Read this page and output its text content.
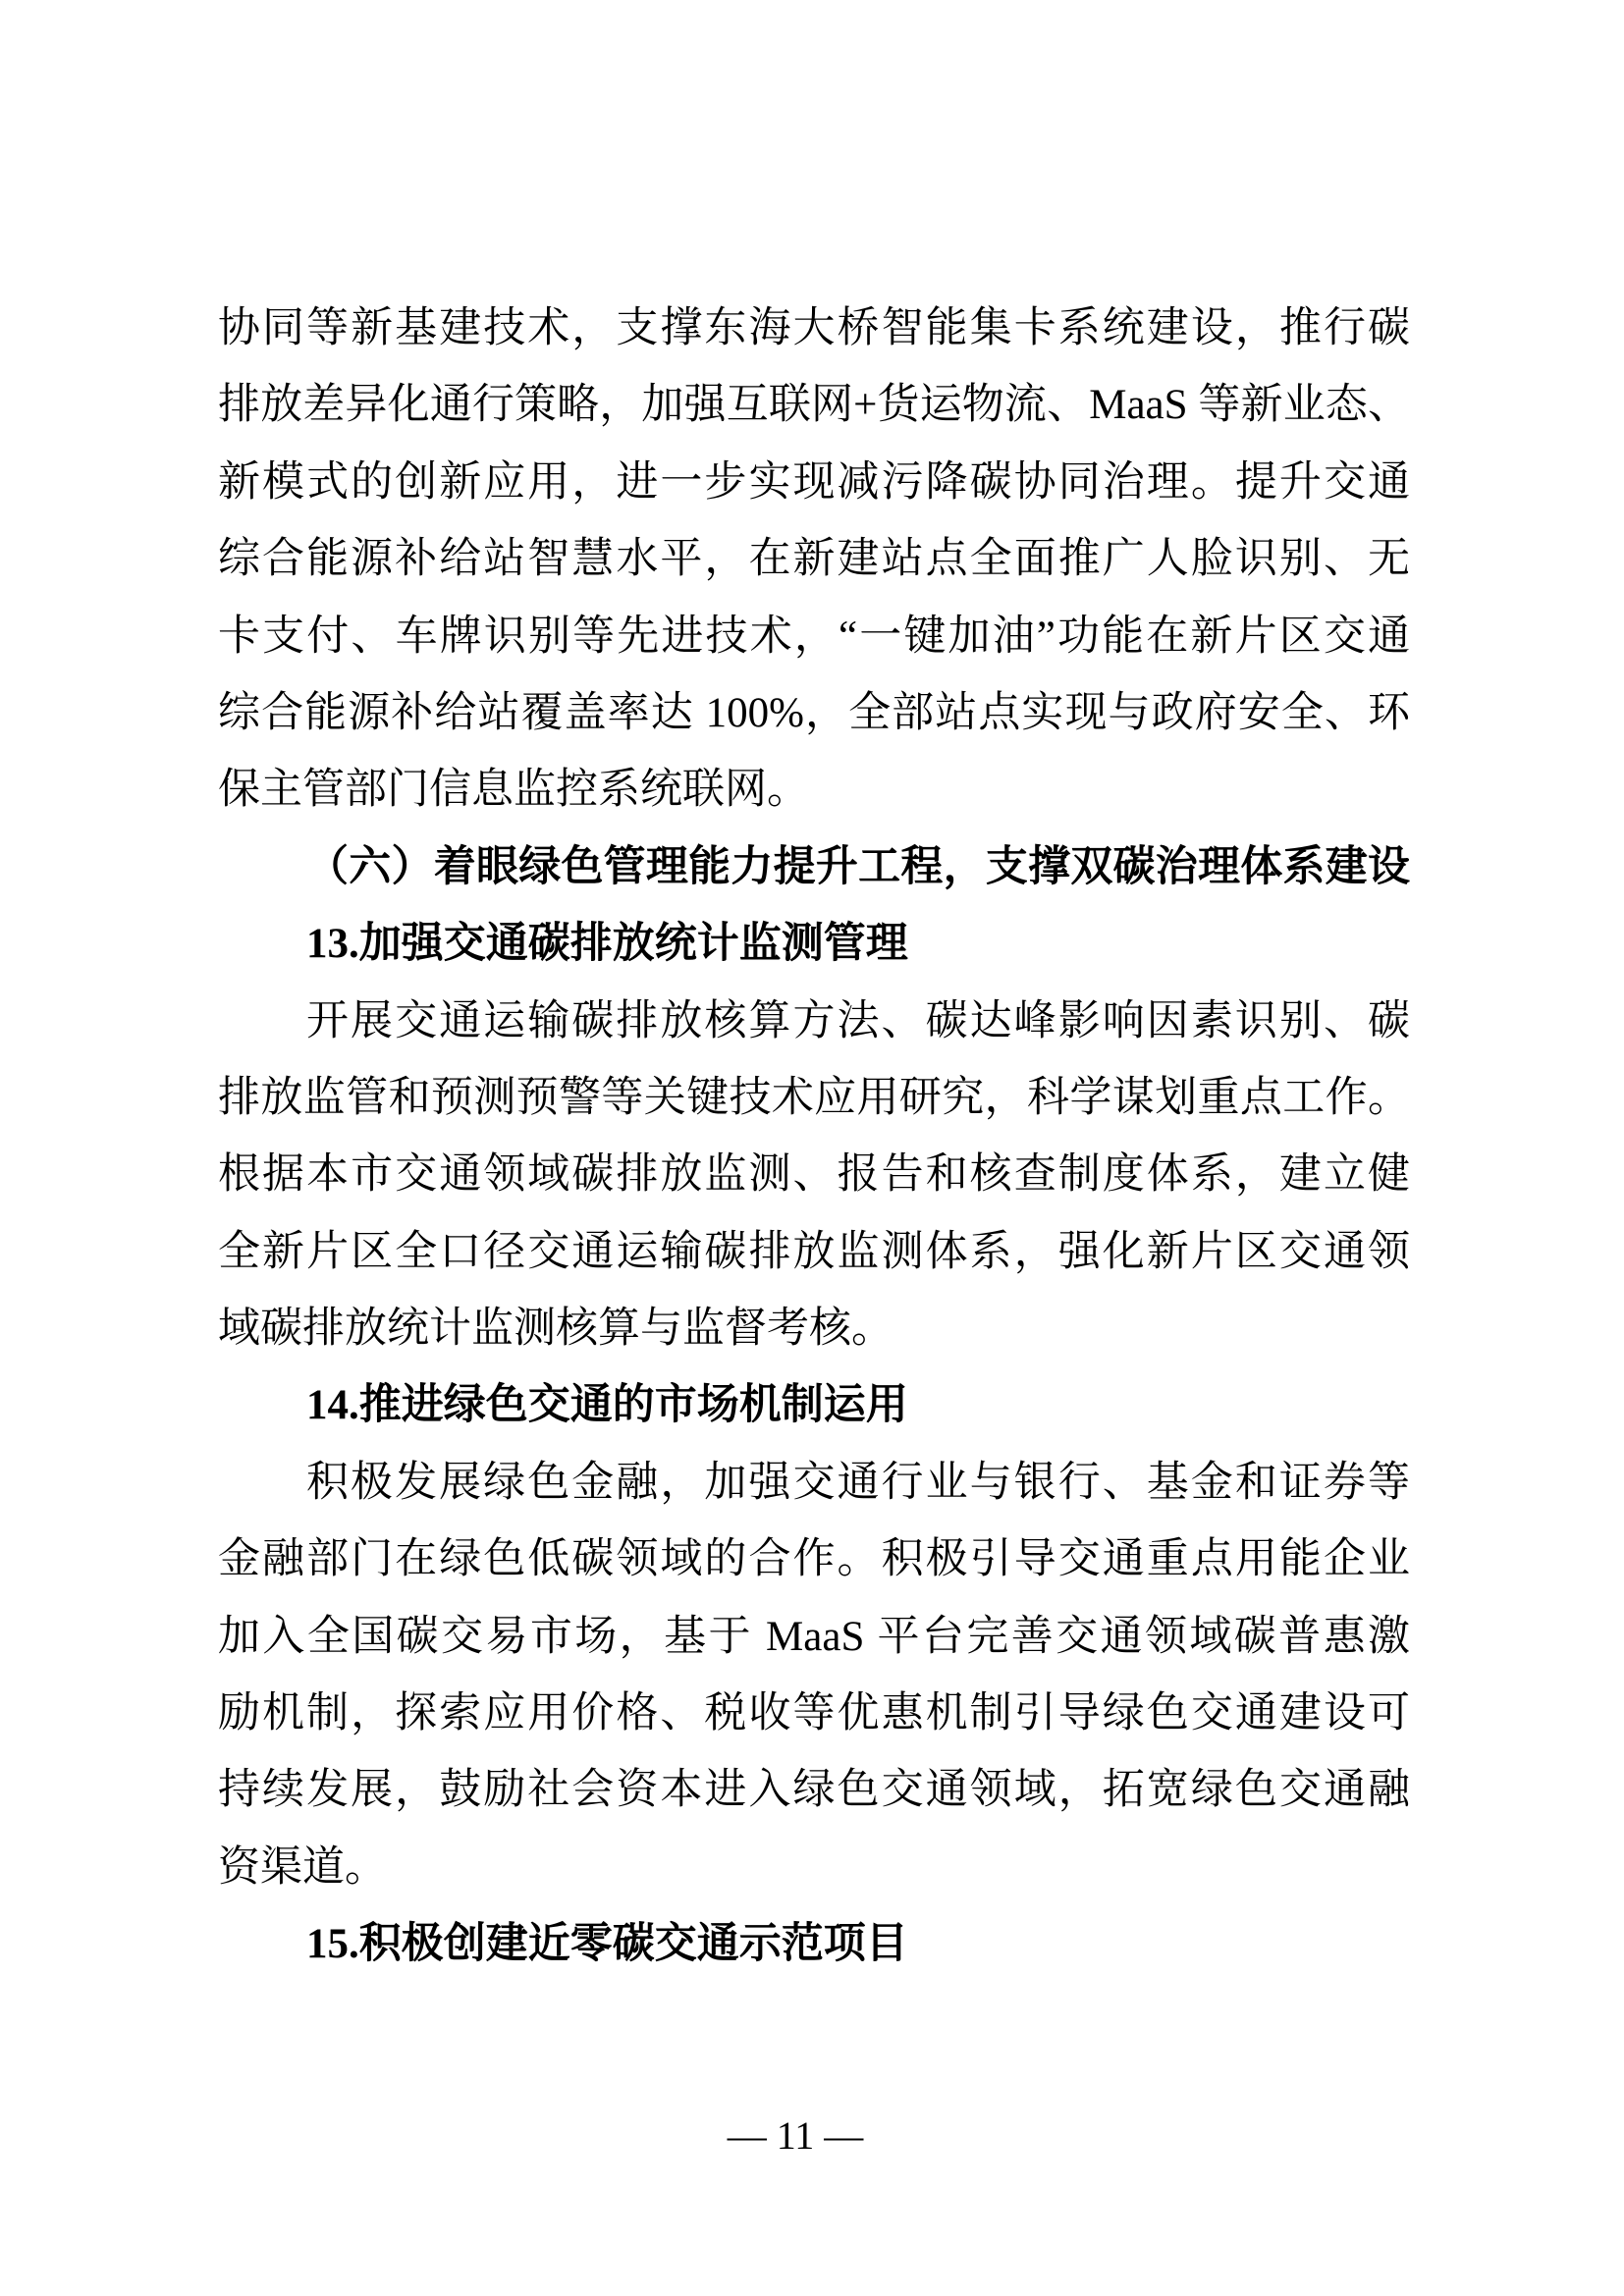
协同等新基建技术，支撑东海大桥智能集卡系统建设，推行碳

排放差异化通行策略，加强互联网+货运物流、MaaS 等新业态、

新模式的创新应用，进一步实现减污降碳协同治理。提升交通

综合能源补给站智慧水平，在新建站点全面推广人脸识别、无

卡支付、车牌识别等先进技术，“一键加油”功能在新片区交通

综合能源补给站覆盖率达 100%，全部站点实现与政府安全、环

保主管部门信息监控系统联网。

（六）着眼绿色管理能力提升工程，支撑双碳治理体系建设

13.加强交通碳排放统计监测管理

开展交通运输碳排放核算方法、碳达峰影响因素识别、碳

排放监管和预测预警等关键技术应用研究，科学谋划重点工作。

根据本市交通领域碳排放监测、报告和核查制度体系，建立健

全新片区全口径交通运输碳排放监测体系，强化新片区交通领

域碳排放统计监测核算与监督考核。

14.推进绿色交通的市场机制运用

积极发展绿色金融，加强交通行业与银行、基金和证券等

金融部门在绿色低碳领域的合作。积极引导交通重点用能企业

加入全国碳交易市场，基于 MaaS 平台完善交通领域碳普惠激

励机制，探索应用价格、税收等优惠机制引导绿色交通建设可

持续发展，鼓励社会资本进入绿色交通领域，拓宽绿色交通融

资渠道。

15.积极创建近零碳交通示范项目

— 11 —
